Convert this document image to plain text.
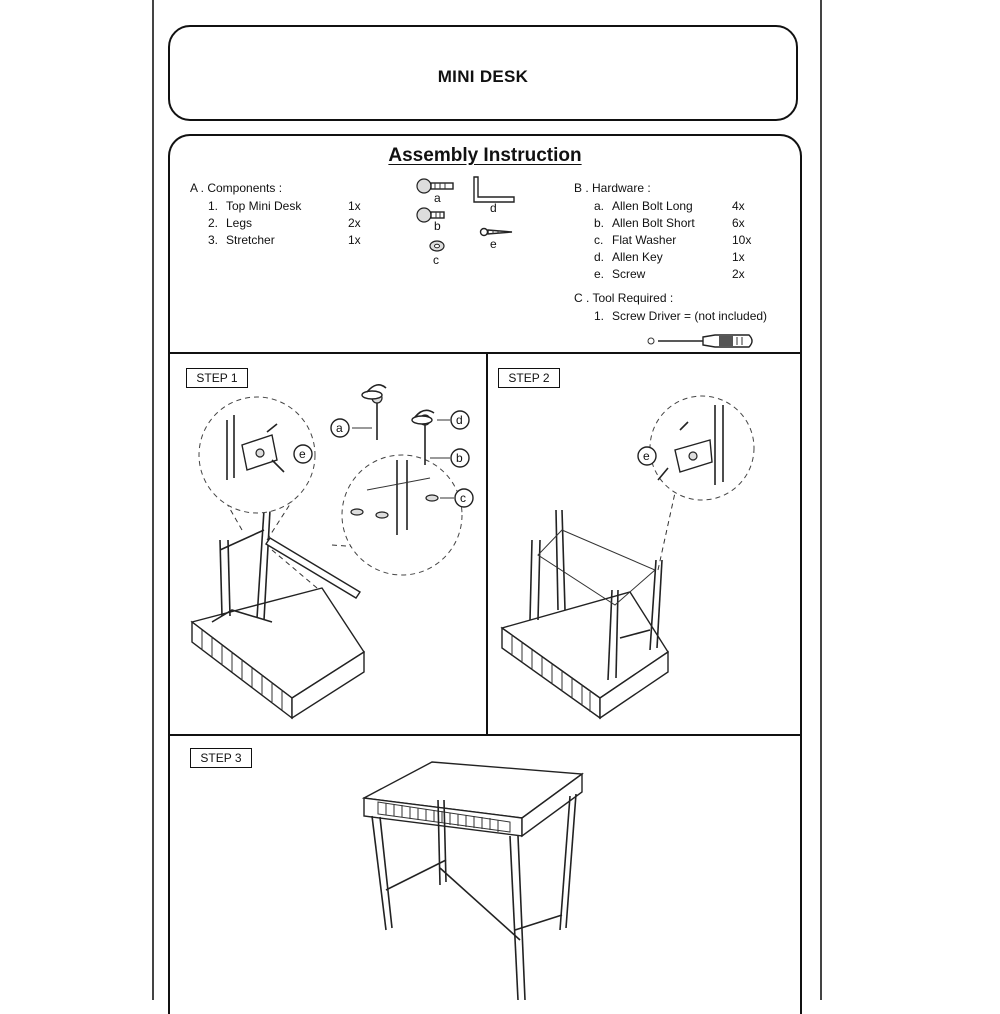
MINI DESK
Assembly Instruction
A . Components :
1. Top Mini Desk	1x
2. Legs	2x
3. Stretcher	1x
a
b
c
d
e
B . Hardware :
a. Allen Bolt Long	4x
b. Allen Bolt Short	6x
c. Flat Washer	10x
d. Allen Key	1x
e. Screw	2x
C . Tool Required :
1. Screw Driver = (not included)
STEP 1
e
a
d
b
c
STEP 2
e
STEP 3
